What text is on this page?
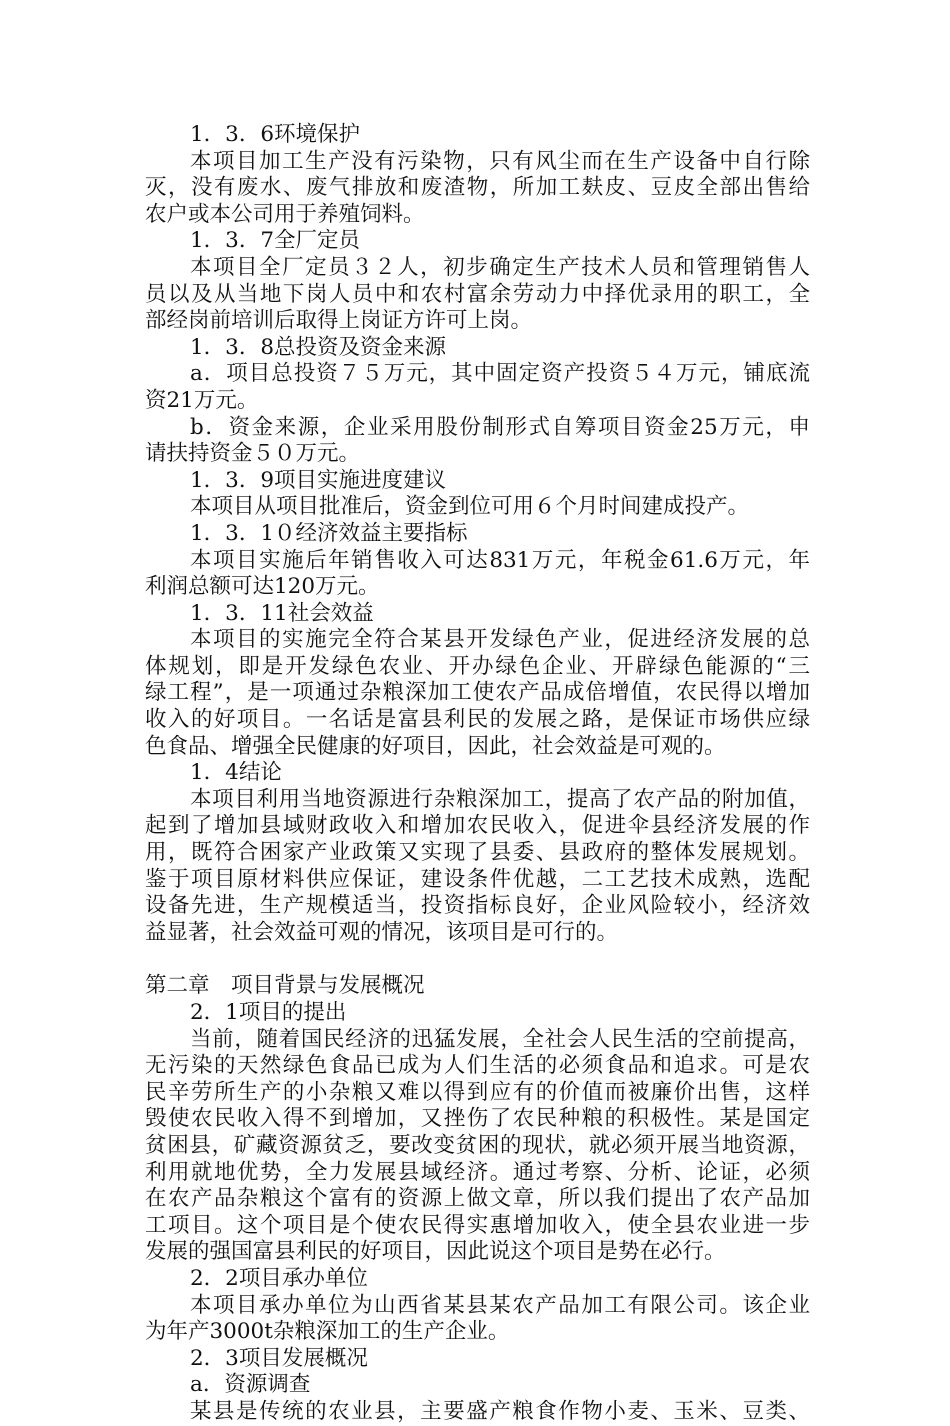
1．3．6环境保护
本项目加工生产没有污染物，只有风尘而在生产设备中自行除
灭，没有废水、废气排放和废渣物，所加工麸皮、豆皮全部出售给
农户或本公司用于养殖饲料。
1．3．7全厂定员
本项目全厂定员３２人，初步确定生产技术人员和管理销售人
员以及从当地下岗人员中和农村富余劳动力中择优录用的职工，全
部经岗前培训后取得上岗证方许可上岗。
1．3．8总投资及资金来源
a．项目总投资７５万元，其中固定资产投资５４万元，铺底流
资21万元。
b．资金来源，企业采用股份制形式自筹项目资金25万元，申
请扶持资金５０万元。
1．3．9项目实施进度建议
本项目从项目批准后，资金到位可用６个月时间建成投产。
1．3．1０经济效益主要指标
本项目实施后年销售收入可达831万元，年税金61.6万元，年
利润总额可达120万元。
1．3．11社会效益
本项目的实施完全符合某县开发绿色产业，促进经济发展的总
体规划，即是开发绿色农业、开办绿色企业、开辟绿色能源的“三
绿工程”，是一项通过杂粮深加工使农产品成倍增值，农民得以增加
收入的好项目。一名话是富县利民的发展之路，是保证市场供应绿
色食品、增强全民健康的好项目，因此，社会效益是可观的。
1．4结论
本项目利用当地资源进行杂粮深加工，提高了农产品的附加值，
起到了增加县域财政收入和增加农民收入，促进伞县经济发展的作
用，既符合困家产业政策又实现了县委、县政府的整体发展规划。
鉴于项目原材料供应保证，建设条件优越，二工艺技术成熟，选配
设备先进，生产规模适当，投资指标良好，企业风险较小，经济效
益显著，社会效益可观的情况，该项目是可行的。
第二章　项目背景与发展概况
2．1项目的提出
当前，随着国民经济的迅猛发展，全社会人民生活的空前提高，
无污染的天然绿色食品已成为人们生活的必须食品和追求。可是农
民辛劳所生产的小杂粮又难以得到应有的价值而被廉价出售，这样
毁使农民收入得不到增加，又挫伤了农民种粮的积极性。某是国定
贫困县，矿藏资源贫乏，要改变贫困的现状，就必须开展当地资源，
利用就地优势，全力发展县域经济。通过考察、分析、论证，必须
在农产品杂粮这个富有的资源上做文章，所以我们提出了农产品加
工项目。这个项目是个使农民得实惠增加收入，使全县农业进一步
发展的强国富县利民的好项目，因此说这个项目是势在必行。
2．2项目承办单位
本项目承办单位为山西省某县某农产品加工有限公司。该企业
为年产3000t杂粮深加工的生产企业。
2．3项目发展概况
a．资源调查
某县是传统的农业县，主要盛产粮食作物小麦、玉米、豆类、
